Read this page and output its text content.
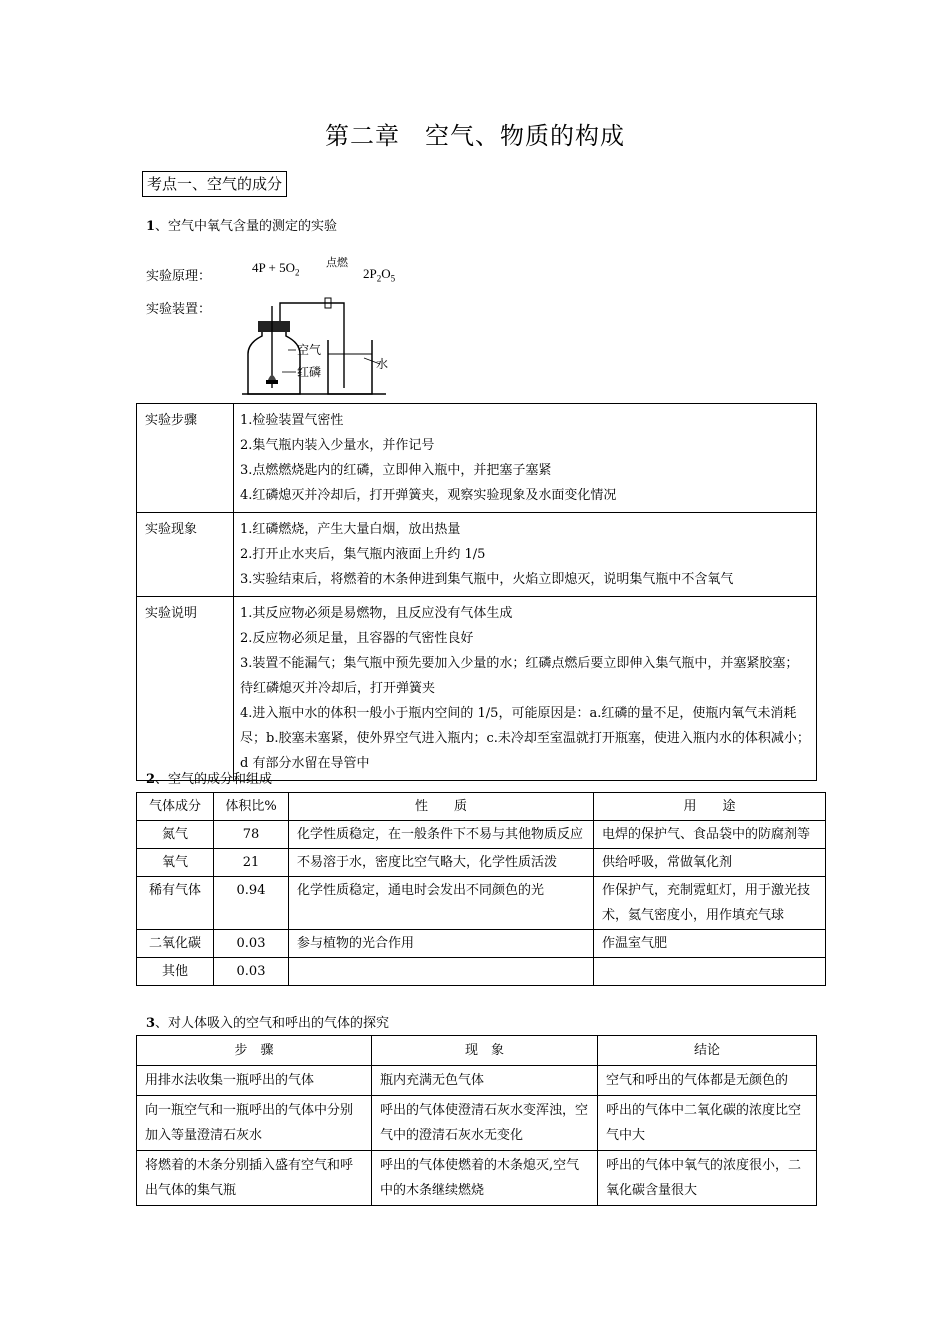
第二章　空气、物质的构成
考点一、空气的成分
1、空气中氧气含量的测定的实验
实验原理：
$4P + 5O_2$
点燃
$2P_2O_5$
实验装置：
空气
红磷
水
实验步骤	1.检验装置气密性
2.集气瓶内装入少量水，并作记号
3.点燃燃烧匙内的红磷，立即伸入瓶中，并把塞子塞紧
4.红磷熄灭并冷却后，打开弹簧夹，观察实验现象及水面变化情况

实验现象	1.红磷燃烧，产生大量白烟，放出热量
2.打开止水夹后，集气瓶内液面上升约 1/5
3.实验结束后，将燃着的木条伸进到集气瓶中，火焰立即熄灭，说明集气瓶中不含氧气

实验说明	1.其反应物必须是易燃物，且反应没有气体生成
2.反应物必须足量，且容器的气密性良好
3.装置不能漏气；集气瓶中预先要加入少量的水；红磷点燃后要立即伸入集气瓶中，并塞紧胶塞；待红磷熄灭并冷却后，打开弹簧夹
4.进入瓶中水的体积一般小于瓶内空间的 1/5，可能原因是：a.红磷的量不足，使瓶内氧气未消耗尽；b.胶塞未塞紧，使外界空气进入瓶内；c.未冷却至室温就打开瓶塞，使进入瓶内水的体积减小；d 有部分水留在导管中
2、空气的成分和组成
气体成分	体积比%	性　　质	用　　途
氮气	78	化学性质稳定，在一般条件下不易与其他物质反应	电焊的保护气、食品袋中的防腐剂等
氧气	21	不易溶于水，密度比空气略大，化学性质活泼	供给呼吸，常做氧化剂
稀有气体	0.94	化学性质稳定，通电时会发出不同颜色的光	作保护气，充制霓虹灯，用于激光技术，氦气密度小，用作填充气球
二氧化碳	0.03	参与植物的光合作用	作温室气肥
其他	0.03		
3、对人体吸入的空气和呼出的气体的探究
步　骤	现　象	结论
用排水法收集一瓶呼出的气体	瓶内充满无色气体	空气和呼出的气体都是无颜色的
向一瓶空气和一瓶呼出的气体中分别加入等量澄清石灰水	呼出的气体使澄清石灰水变浑浊，空气中的澄清石灰水无变化	呼出的气体中二氧化碳的浓度比空气中大
将燃着的木条分别插入盛有空气和呼出气体的集气瓶	呼出的气体使燃着的木条熄灭,空气中的木条继续燃烧	呼出的气体中氧气的浓度很小，二氧化碳含量很大
